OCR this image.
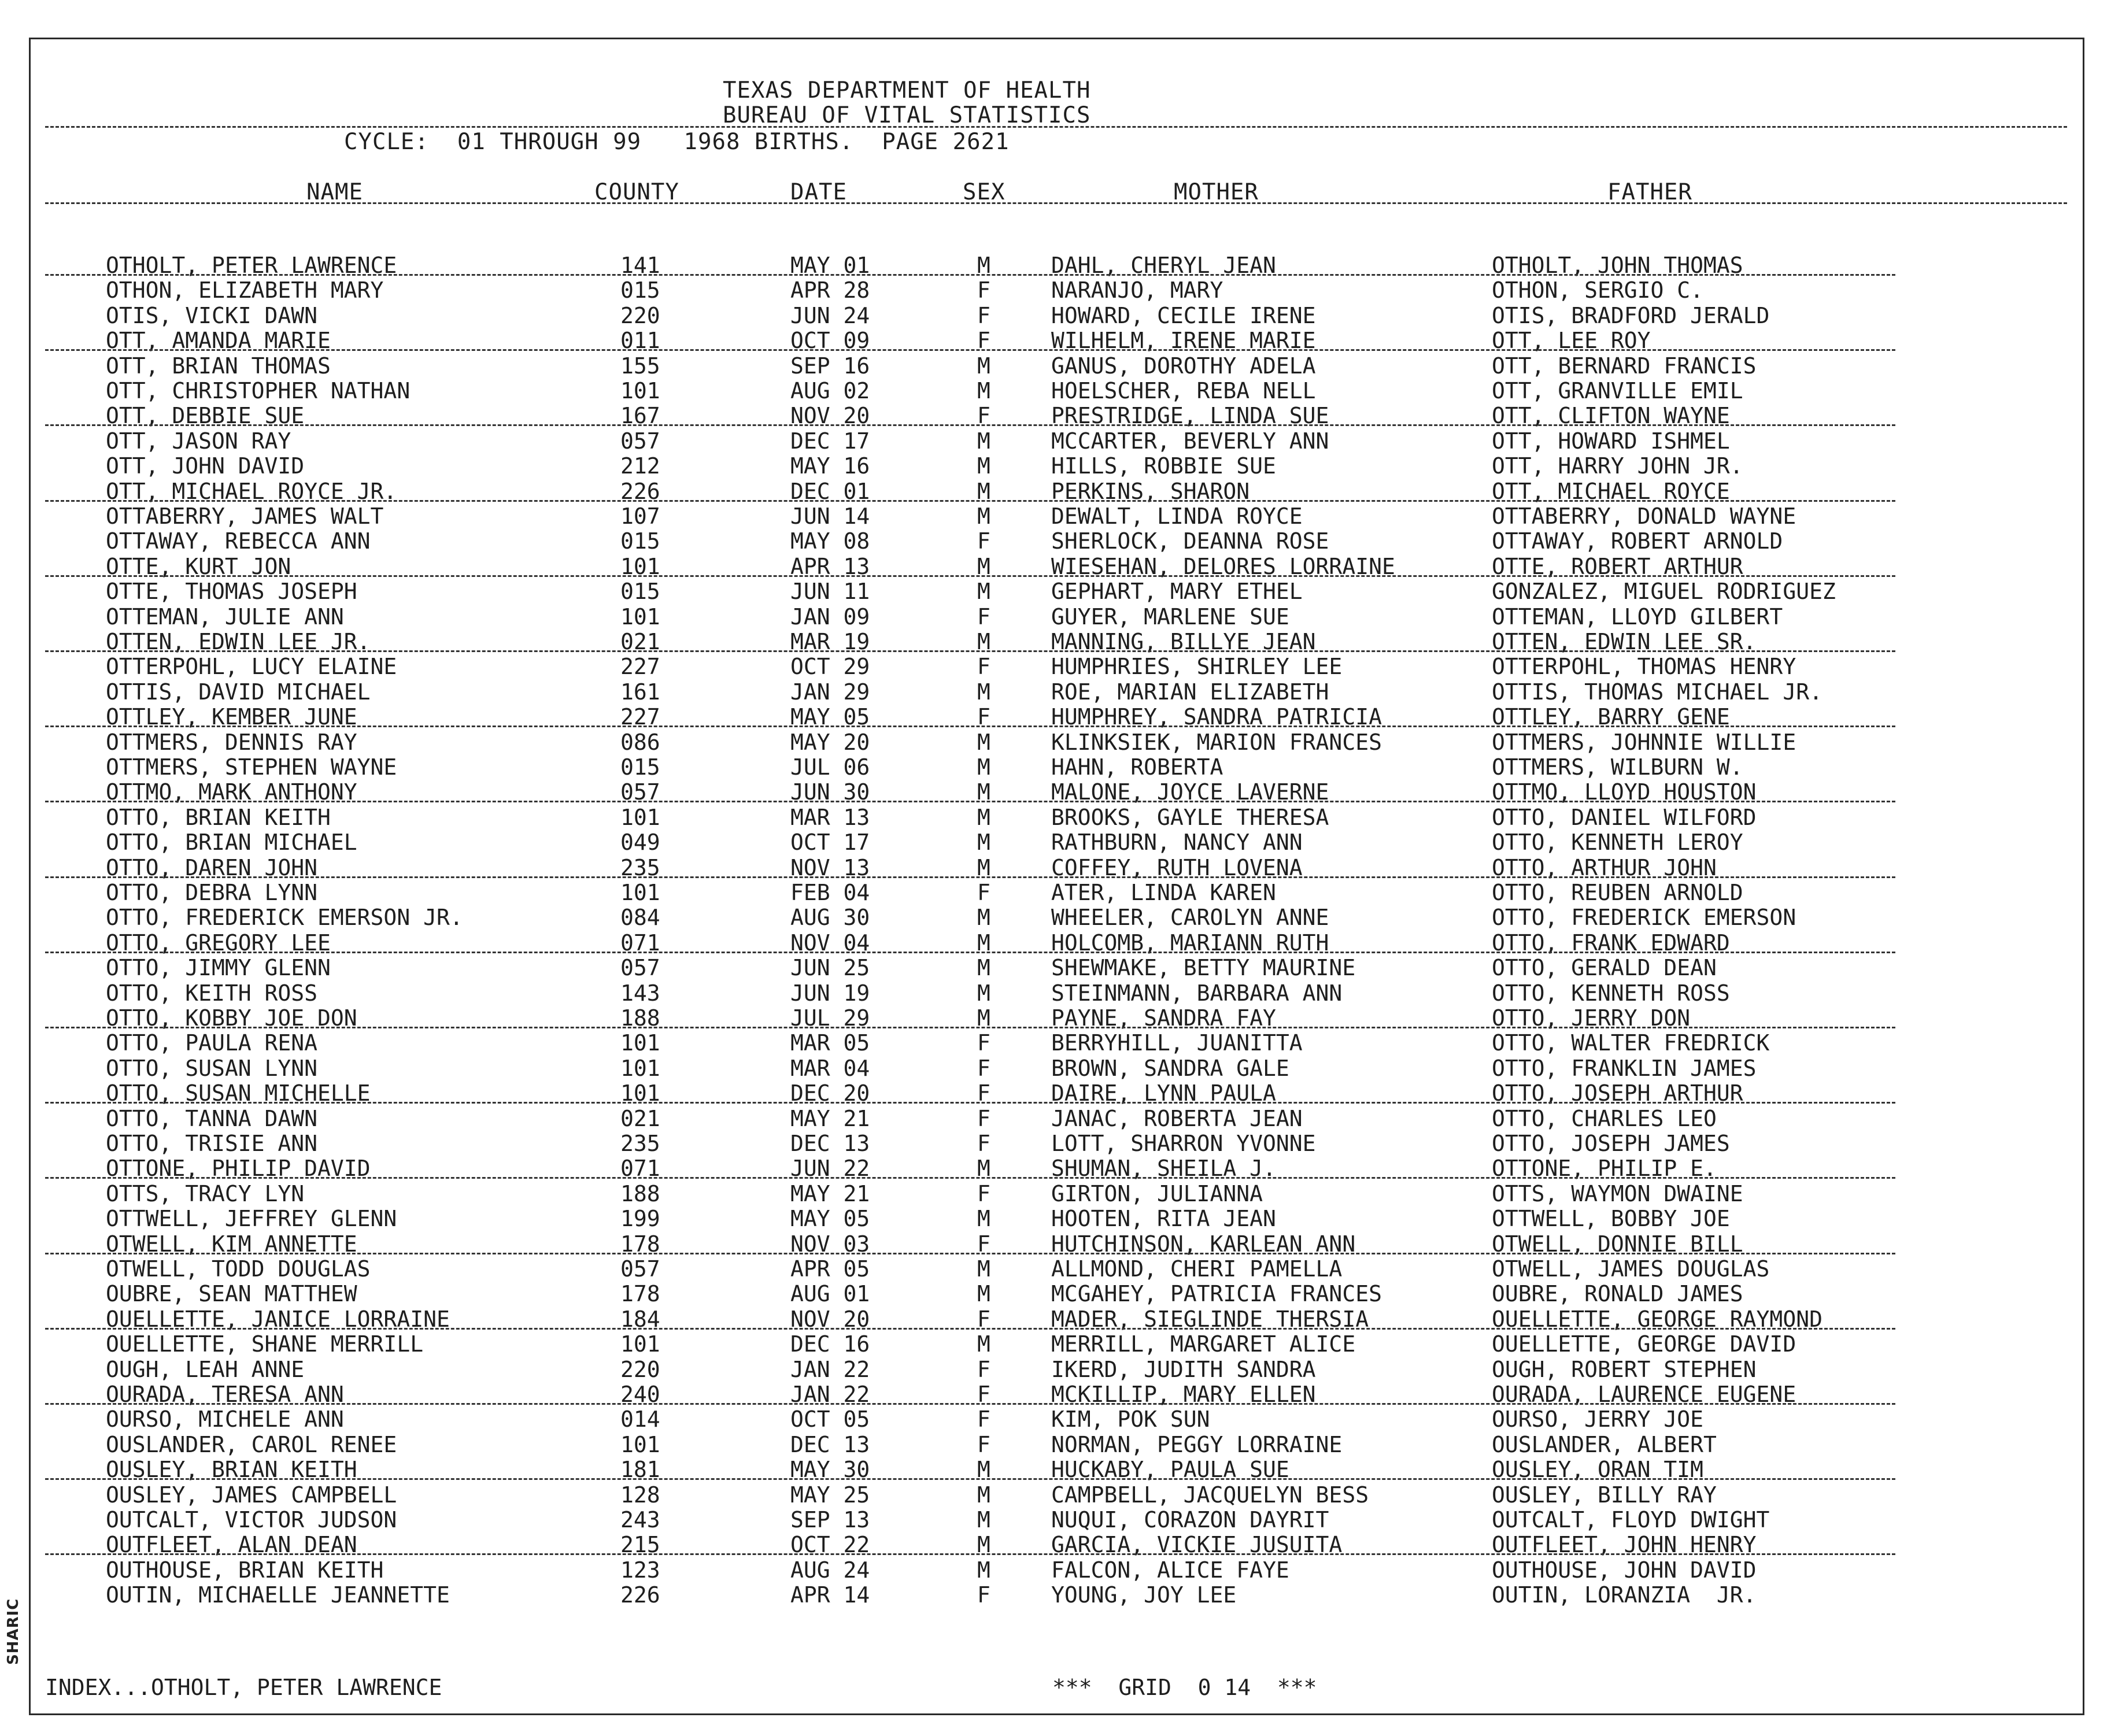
SHARIC
TEXAS DEPARTMENT OF HEALTH
BUREAU OF VITAL STATISTICS
CYCLE:  01 THROUGH 99   1968 BIRTHS.  PAGE 2621
NAME	COUNTY	DATE	SEX	MOTHER	FATHER
OTHOLT, PETER LAWRENCE	141	MAY 01	M	DAHL, CHERYL JEAN	OTHOLT, JOHN THOMAS
OTHON, ELIZABETH MARY	015	APR 28	F	NARANJO, MARY	OTHON, SERGIO C.
OTIS, VICKI DAWN	220	JUN 24	F	HOWARD, CECILE IRENE	OTIS, BRADFORD JERALD
OTT, AMANDA MARIE	011	OCT 09	F	WILHELM, IRENE MARIE	OTT, LEE ROY
OTT, BRIAN THOMAS	155	SEP 16	M	GANUS, DOROTHY ADELA	OTT, BERNARD FRANCIS
OTT, CHRISTOPHER NATHAN	101	AUG 02	M	HOELSCHER, REBA NELL	OTT, GRANVILLE EMIL
OTT, DEBBIE SUE	167	NOV 20	F	PRESTRIDGE, LINDA SUE	OTT, CLIFTON WAYNE
OTT, JASON RAY	057	DEC 17	M	MCCARTER, BEVERLY ANN	OTT, HOWARD ISHMEL
OTT, JOHN DAVID	212	MAY 16	M	HILLS, ROBBIE SUE	OTT, HARRY JOHN JR.
OTT, MICHAEL ROYCE JR.	226	DEC 01	M	PERKINS, SHARON	OTT, MICHAEL ROYCE
OTTABERRY, JAMES WALT	107	JUN 14	M	DEWALT, LINDA ROYCE	OTTABERRY, DONALD WAYNE
OTTAWAY, REBECCA ANN	015	MAY 08	F	SHERLOCK, DEANNA ROSE	OTTAWAY, ROBERT ARNOLD
OTTE, KURT JON	101	APR 13	M	WIESEHAN, DELORES LORRAINE	OTTE, ROBERT ARTHUR
OTTE, THOMAS JOSEPH	015	JUN 11	M	GEPHART, MARY ETHEL	GONZALEZ, MIGUEL RODRIGUEZ
OTTEMAN, JULIE ANN	101	JAN 09	F	GUYER, MARLENE SUE	OTTEMAN, LLOYD GILBERT
OTTEN, EDWIN LEE JR.	021	MAR 19	M	MANNING, BILLYE JEAN	OTTEN, EDWIN LEE SR.
OTTERPOHL, LUCY ELAINE	227	OCT 29	F	HUMPHRIES, SHIRLEY LEE	OTTERPOHL, THOMAS HENRY
OTTIS, DAVID MICHAEL	161	JAN 29	M	ROE, MARIAN ELIZABETH	OTTIS, THOMAS MICHAEL JR.
OTTLEY, KEMBER JUNE	227	MAY 05	F	HUMPHREY, SANDRA PATRICIA	OTTLEY, BARRY GENE
OTTMERS, DENNIS RAY	086	MAY 20	M	KLINKSIEK, MARION FRANCES	OTTMERS, JOHNNIE WILLIE
OTTMERS, STEPHEN WAYNE	015	JUL 06	M	HAHN, ROBERTA	OTTMERS, WILBURN W.
OTTMO, MARK ANTHONY	057	JUN 30	M	MALONE, JOYCE LAVERNE	OTTMO, LLOYD HOUSTON
OTTO, BRIAN KEITH	101	MAR 13	M	BROOKS, GAYLE THERESA	OTTO, DANIEL WILFORD
OTTO, BRIAN MICHAEL	049	OCT 17	M	RATHBURN, NANCY ANN	OTTO, KENNETH LEROY
OTTO, DAREN JOHN	235	NOV 13	M	COFFEY, RUTH LOVENA	OTTO, ARTHUR JOHN
OTTO, DEBRA LYNN	101	FEB 04	F	ATER, LINDA KAREN	OTTO, REUBEN ARNOLD
OTTO, FREDERICK EMERSON JR.	084	AUG 30	M	WHEELER, CAROLYN ANNE	OTTO, FREDERICK EMERSON
OTTO, GREGORY LEE	071	NOV 04	M	HOLCOMB, MARIANN RUTH	OTTO, FRANK EDWARD
OTTO, JIMMY GLENN	057	JUN 25	M	SHEWMAKE, BETTY MAURINE	OTTO, GERALD DEAN
OTTO, KEITH ROSS	143	JUN 19	M	STEINMANN, BARBARA ANN	OTTO, KENNETH ROSS
OTTO, KOBBY JOE DON	188	JUL 29	M	PAYNE, SANDRA FAY	OTTO, JERRY DON
OTTO, PAULA RENA	101	MAR 05	F	BERRYHILL, JUANITTA	OTTO, WALTER FREDRICK
OTTO, SUSAN LYNN	101	MAR 04	F	BROWN, SANDRA GALE	OTTO, FRANKLIN JAMES
OTTO, SUSAN MICHELLE	101	DEC 20	F	DAIRE, LYNN PAULA	OTTO, JOSEPH ARTHUR
OTTO, TANNA DAWN	021	MAY 21	F	JANAC, ROBERTA JEAN	OTTO, CHARLES LEO
OTTO, TRISIE ANN	235	DEC 13	F	LOTT, SHARRON YVONNE	OTTO, JOSEPH JAMES
OTTONE, PHILIP DAVID	071	JUN 22	M	SHUMAN, SHEILA J.	OTTONE, PHILIP E.
OTTS, TRACY LYN	188	MAY 21	F	GIRTON, JULIANNA	OTTS, WAYMON DWAINE
OTTWELL, JEFFREY GLENN	199	MAY 05	M	HOOTEN, RITA JEAN	OTTWELL, BOBBY JOE
OTWELL, KIM ANNETTE	178	NOV 03	F	HUTCHINSON, KARLEAN ANN	OTWELL, DONNIE BILL
OTWELL, TODD DOUGLAS	057	APR 05	M	ALLMOND, CHERI PAMELLA	OTWELL, JAMES DOUGLAS
OUBRE, SEAN MATTHEW	178	AUG 01	M	MCGAHEY, PATRICIA FRANCES	OUBRE, RONALD JAMES
OUELLETTE, JANICE LORRAINE	184	NOV 20	F	MADER, SIEGLINDE THERSIA	OUELLETTE, GEORGE RAYMOND
OUELLETTE, SHANE MERRILL	101	DEC 16	M	MERRILL, MARGARET ALICE	OUELLETTE, GEORGE DAVID
OUGH, LEAH ANNE	220	JAN 22	F	IKERD, JUDITH SANDRA	OUGH, ROBERT STEPHEN
OURADA, TERESA ANN	240	JAN 22	F	MCKILLIP, MARY ELLEN	OURADA, LAURENCE EUGENE
OURSO, MICHELE ANN	014	OCT 05	F	KIM, POK SUN	OURSO, JERRY JOE
OUSLANDER, CAROL RENEE	101	DEC 13	F	NORMAN, PEGGY LORRAINE	OUSLANDER, ALBERT
OUSLEY, BRIAN KEITH	181	MAY 30	M	HUCKABY, PAULA SUE	OUSLEY, ORAN TIM
OUSLEY, JAMES CAMPBELL	128	MAY 25	M	CAMPBELL, JACQUELYN BESS	OUSLEY, BILLY RAY
OUTCALT, VICTOR JUDSON	243	SEP 13	M	NUQUI, CORAZON DAYRIT	OUTCALT, FLOYD DWIGHT
OUTFLEET, ALAN DEAN	215	OCT 22	M	GARCIA, VICKIE JUSUITA	OUTFLEET, JOHN HENRY
OUTHOUSE, BRIAN KEITH	123	AUG 24	M	FALCON, ALICE FAYE	OUTHOUSE, JOHN DAVID
OUTIN, MICHAELLE JEANNETTE	226	APR 14	F	YOUNG, JOY LEE	OUTIN, LORANZIA  JR.
INDEX...OTHOLT, PETER LAWRENCE	***  GRID  0 14  ***
